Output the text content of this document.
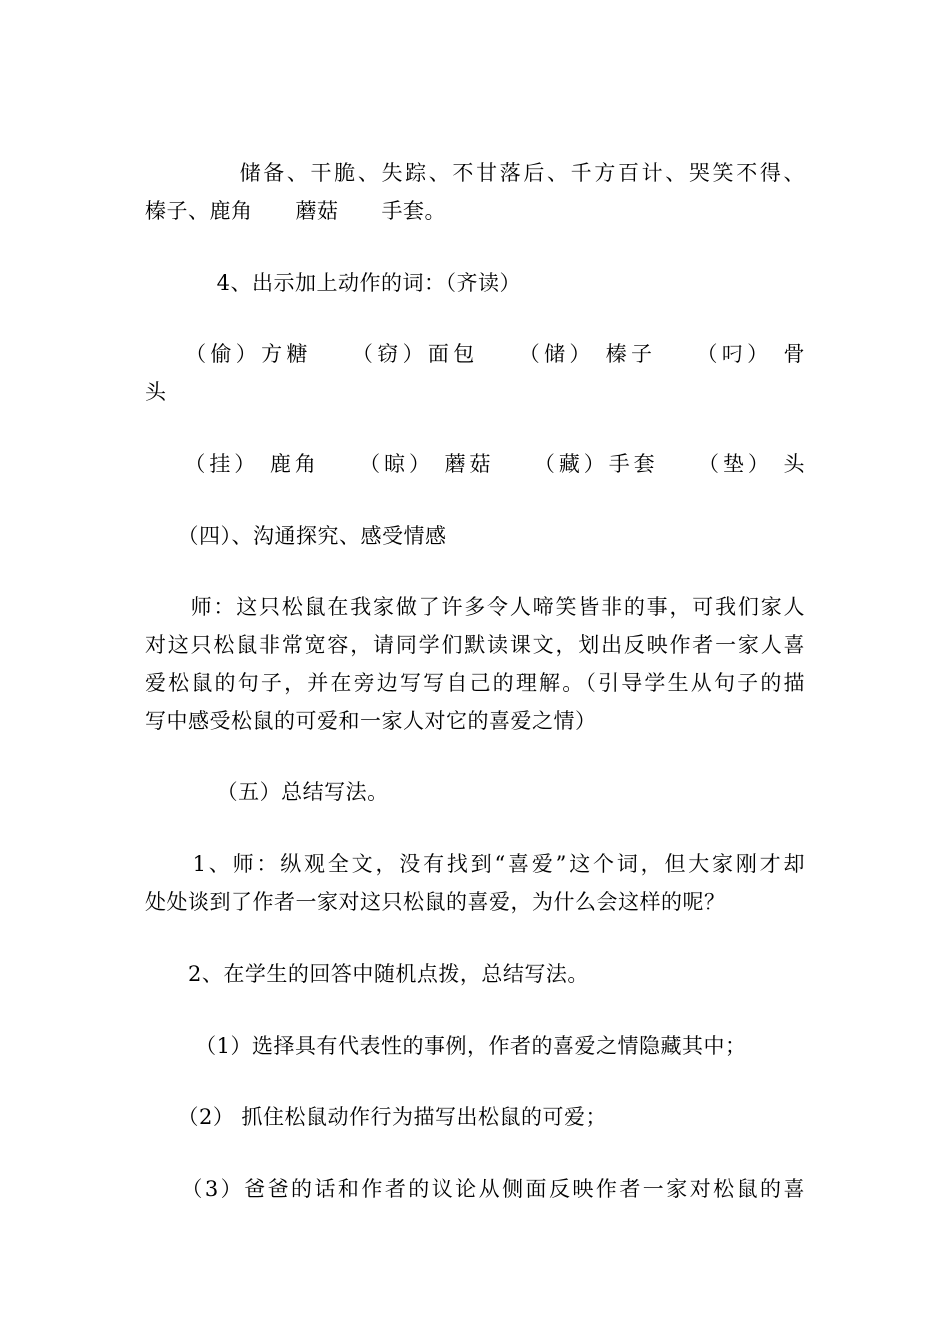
　　　　储备、干脆、失踪、不甘落后、千方百计、哭笑不得、
榛子、鹿角　　蘑菇　　手套。
　　　 4、出示加上动作的词：（齐读）
　　（偷）方糖　　（窃）面包　　（储） 榛子　　（叼） 骨
头
　　（挂） 鹿角　　（晾） 蘑菇　　（藏）手套　　（垫） 头
　　（四）、沟通探究、感受情感
　　师：这只松鼠在我家做了许多令人啼笑皆非的事，可我们家人
对这只松鼠非常宽容，请同学们默读课文，划出反映作者一家人喜
爱松鼠的句子，并在旁边写写自己的理解。（引导学生从句子的描
写中感受松鼠的可爱和一家人对它的喜爱之情）
　　　 （五）总结写法。
　　1、师：纵观全文，没有找到“喜爱”这个词，但大家刚才却
处处谈到了作者一家对这只松鼠的喜爱，为什么会这样的呢？
　　2、在学生的回答中随机点拨，总结写法。
　　 （1）选择具有代表性的事例，作者的喜爱之情隐藏其中；
　　（2） 抓住松鼠动作行为描写出松鼠的可爱；
　　（3）爸爸的话和作者的议论从侧面反映作者一家对松鼠的喜
